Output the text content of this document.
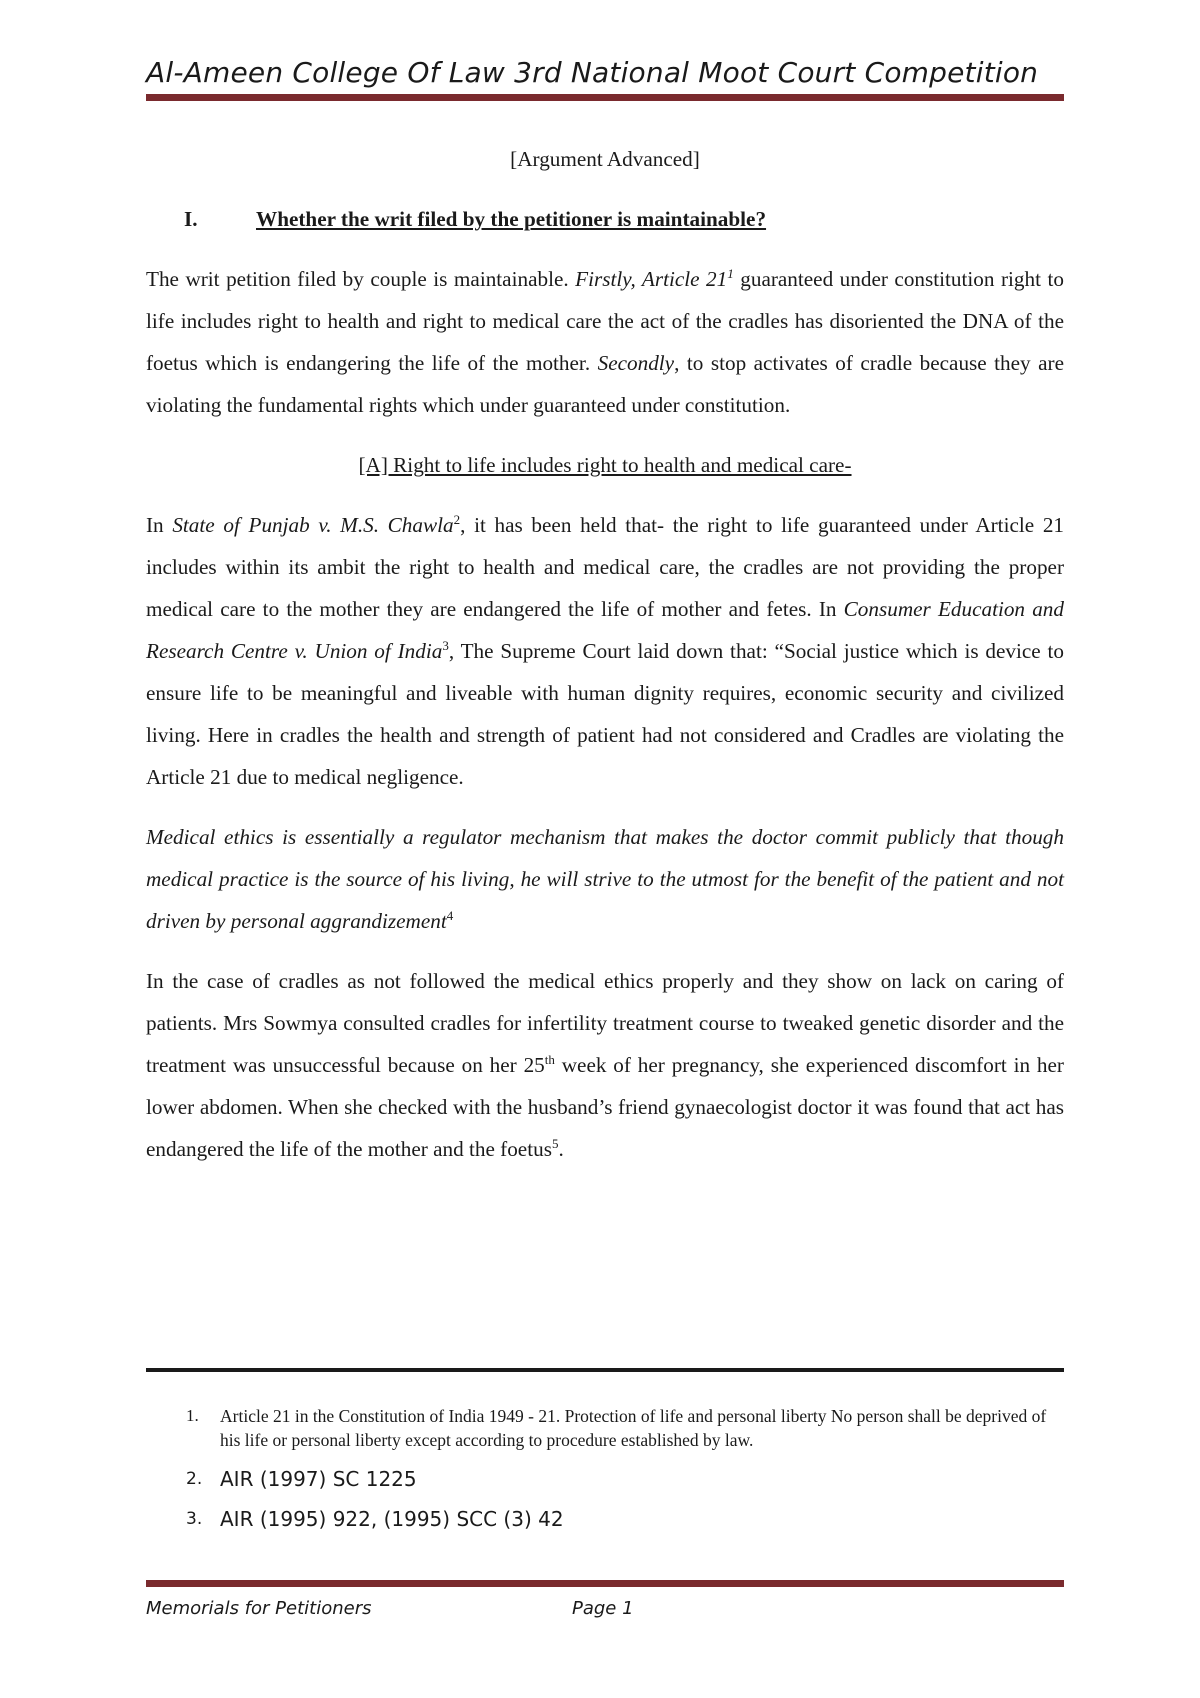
Al-Ameen College Of Law 3rd National Moot Court Competition
[Argument Advanced]
I.	Whether the writ filed by the petitioner is maintainable?

The writ petition filed by couple is maintainable. Firstly, Article $21^1$ guaranteed under constitution right to life includes right to health and right to medical care the act of the cradles has disoriented the DNA of the foetus which is endangering the life of the mother. Secondly, to stop activates of cradle because they are violating the fundamental rights which under guaranteed under constitution.

[A] Right to life includes right to health and medical care-

In State of Punjab v. M.S. Chawla$^2$, it has been held that- the right to life guaranteed under Article 21 includes within its ambit the right to health and medical care, the cradles are not providing the proper medical care to the mother they are endangered the life of mother and fetes. In Consumer Education and Research Centre v. Union of India$^3$, The Supreme Court laid down that: “Social justice which is device to ensure life to be meaningful and liveable with human dignity requires, economic security and civilized living. Here in cradles the health and strength of patient had not considered and Cradles are violating the Article 21 due to medical negligence.

Medical ethics is essentially a regulator mechanism that makes the doctor commit publicly that though medical practice is the source of his living, he will strive to the utmost for the benefit of the patient and not driven by personal aggrandizement$^4$

In the case of cradles as not followed the medical ethics properly and they show on lack on caring of patients. Mrs Sowmya consulted cradles for infertility treatment course to tweaked genetic disorder and the treatment was unsuccessful because on her 25th week of her pregnancy, she experienced discomfort in her lower abdomen. When she checked with the husband’s friend gynaecologist doctor it was found that act has endangered the life of the mother and the foetus$^5$.

1. Article 21 in the Constitution of India 1949 - 21. Protection of life and personal liberty No person shall be deprived of his life or personal liberty except according to procedure established by law.
2. AIR (1997) SC 1225
3. AIR (1995) 922, (1995) SCC (3) 42
Memorials for Petitioners	Page 1
